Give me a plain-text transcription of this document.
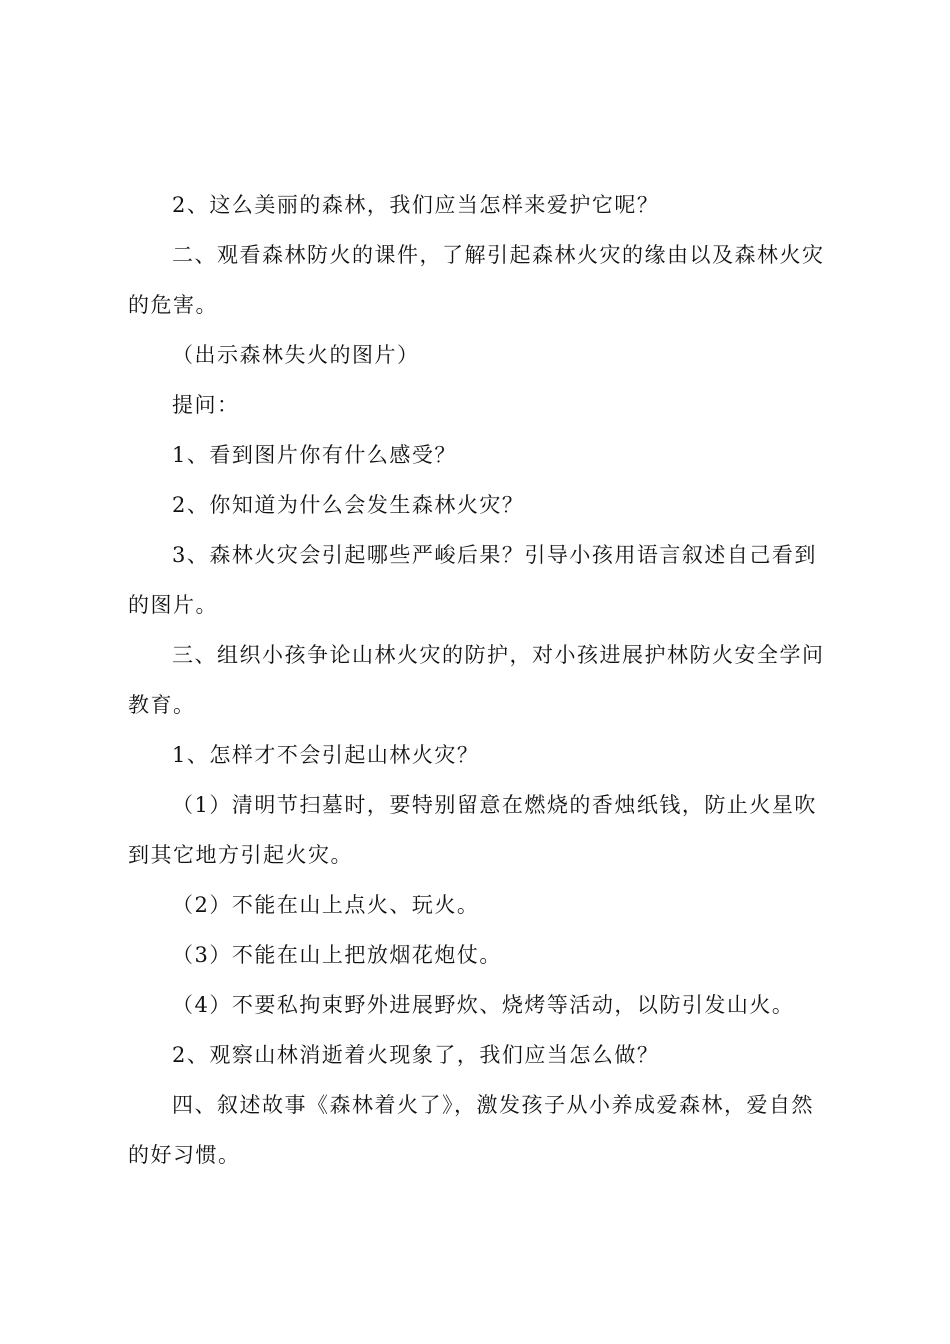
2、这么美丽的森林，我们应当怎样来爱护它呢？

二、观看森林防火的课件，了解引起森林火灾的缘由以及森林火灾的危害。

（出示森林失火的图片）

提问：

1、看到图片你有什么感受？

2、你知道为什么会发生森林火灾？

3、森林火灾会引起哪些严峻后果？引导小孩用语言叙述自己看到的图片。

三、组织小孩争论山林火灾的防护，对小孩进展护林防火安全学问教育。

1、怎样才不会引起山林火灾？

（1）清明节扫墓时，要特别留意在燃烧的香烛纸钱，防止火星吹到其它地方引起火灾。

（2）不能在山上点火、玩火。

（3）不能在山上把放烟花炮仗。

（4）不要私拘束野外进展野炊、烧烤等活动，以防引发山火。

2、观察山林消逝着火现象了，我们应当怎么做？

四、叙述故事《森林着火了》，激发孩子从小养成爱森林，爱自然的好习惯。
